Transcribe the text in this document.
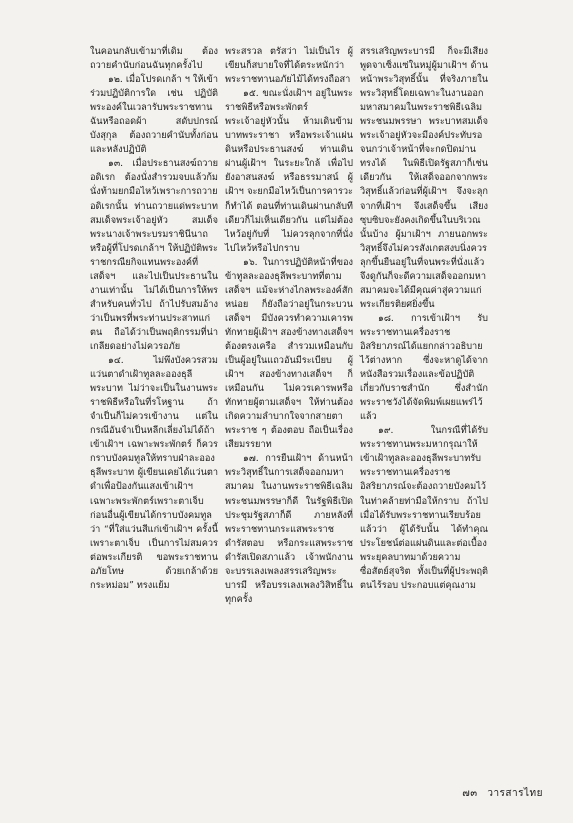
ในคอนกลับเข้ามาที่เดิม ต้องถวายคำนับก่อนฉันทุกครั้งไป

๑๒. เมื่อโปรดเกล้า ฯ ให้เข้าร่วมปฏิบัติการใด เช่น ปฏิบัติพระองค์ในเวลารับพระราชทานฉันหรือถอดผ้า สดับปกรณ์ บังสุกุล ต้องถวายคำนับทั้งก่อนและหลังปฏิบัติ

๑๓. เมื่อประธานสงฆ์ถวายอดิเรก ต้องนั่งสำรวมจบแล้วก้มนั่งท้ามยกมือไหว้เพราะการถวายอดิเรกนั้น ท่านถวายแด่พระบาทสมเด็จพระเจ้าอยู่หัว สมเด็จพระนางเจ้าพระบรมราชินีนาถ หรือผู้ที่โปรดเกล้าฯ ให้ปฏิบัติพระราชกรณียกิจแทนพระองค์ที่เสด็จฯ และไปเป็นประธานในงานเท่านั้น ไม่ได้เป็นการให้พรสำหรับคนทั่วไป ถ้าไปรับสมอ้างว่าเป็นพรที่พระท่านประสาทแก่ตน ถือได้ว่าเป็นพฤติกรรมที่น่าเกลียดอย่างไม่ควรอภัย

๑๔. ไม่พึงบังควรสวมแว่นตาดำเฝ้าทูลละอองธุลีพระบาท ไม่ว่าจะเป็นในงานพระราชพิธีหรือในที่รโหฐาน ถ้าจำเป็นก็ไม่ควรเข้างาน แต่ในกรณีอันจำเป็นหลีกเลี่ยงไม่ได้ถ้าเข้าเฝ้าฯ เฉพาะพระพักตร์ ก็ควรกราบบังคมทูลให้ทราบฝ่าละอองธุลีพระบาท ผู้เขียนเคยได้แว่นตาดำเพื่อป้องกันแสงเข้าเฝ้าฯ เฉพาะพระพักตร์เพราะตาเจ็บ ก่อนอื่นผู้เขียนได้กราบบังคมทูลว่า “ที่ใส่แว่นสีแก่เข้าเฝ้าฯ ครั้งนี้เพราะตาเจ็บ เป็นการไม่สมควรต่อพระเกียรติ ขอพระราชทานอภัยโทษ ด้วยเกล้าด้วยกระหม่อม” ทรงแย้ม

พระสรวล ตรัสว่า ไม่เป็นไร ผู้เขียนก็สบายใจที่ได้ตระหนักว่าพระราชทานอภัยไม้ได้ทรงถือสา

๑๕. ขณะนั่งเฝ้าฯ อยู่ในพระราชพิธีหรือพระพักตร์พระเจ้าอยู่หัวนั้น ห้ามเดินข้ามบาทพระราชา หรือพระเจ้าแผ่นดินหรือประธานสงฆ์ ท่านเดินผ่านผู้เฝ้าฯ ในระยะใกล้ เพื่อไปยังอาสนสงฆ์ หรือธรรมาสน์ ผู้เฝ้าฯ จะยกมือไหว้เป็นการคารวะก็ทำได้ ตอนที่ท่านเดินผ่านกลับทีเดียวก็ไม่เห็นเดียวกัน แต่ไม่ต้องไหว้อยู่กับที่ ไม่ควรลุกจากที่นั่งไปไหว้หรือไปกราบ

๑๖. ในการปฏิบัติหน้าที่ของข้าทูลละอองธุลีพระบาทที่ตามเสด็จฯ แม้จะห่างไกลพระองค์สักหน่อย ก็ยังถือว่าอยู่ในกระบวนเสด็จฯ มีบังควรทำความเคารพทักทายผู้เฝ้าฯ สองข้างทางเสด็จฯ ต้องตรงเครือ สำรวมเหมือนกับเป็นผู้อยู่ในแถวอันมีระเบียบ ผู้เฝ้าฯ สองข้างทางเสด็จฯ ก็เหมือนกัน ไม่ควรเคารพหรือทักทายผู้ตามเสด็จฯ ให้ท่านต้องเกิดความลำบากใจจากสายตาพระราช ๆ ต้องตอบ ถือเป็นเรื่องเสียมรรยาท

๑๗. การยืนเฝ้าฯ ด้านหน้าพระวิสุทธิ์ในการเสด็จออกมหาสมาคม ในงานพระราชพิธีเฉลิมพระชนมพรรษาก็ดี ในรัฐพิธีเปิดประชุมรัฐสภาก็ดี ภายหลังที่พระราชทานกระแสพระราชดำรัสตอบ หรือกระแสพระราชดำรัสเปิดสภาแล้ว เจ้าพนักงานจะบรรเลงเพลงสรรเสริญพระบารมี หรือบรรเลงเพลงวิสิทธิ์ในทุกครั้ง

สรรเสริญพระบารมี ก็จะมีเสียงพูดจาเซ็งแซ่ในหมู่ผู้มาเฝ้าฯ ด้านหน้าพระวิสุทธิ์นั้น ที่จริงภายในพระวิสุทธิ์โดยเฉพาะในงานออกมหาสมาคมในพระราชพิธีเฉลิมพระชนมพรรษา พระบาทสมเด็จพระเจ้าอยู่หัวจะมีองค์ประทับรอจนกว่าเจ้าหน้าที่จะกดปิดม่านทรงได้ ในพิธีเปิดรัฐสภาก็เช่นเดียวกัน ให้เสด็จออกจากพระวิสุทธิ์แล้วก่อนที่ผู้เฝ้าฯ จึงจะลุกจากที่เฝ้าฯ จึงเสด็จขึ้น เสียงซุบซิบจะยังคงเกิดขึ้นในบริเวณนั้นบ้าง ผู้มาเฝ้าฯ ภายนอกพระวิสุทธิ์จึงไม่ควรสังเกตสงบนิ่งควรลุกขึ้นยืนอยู่ในที่จนพระที่นั่งแล้วจึงดูกันก็จะดีความเสด็จออกมหาสมาคมจะได้มีคุณค่าสู่ความแก่พระเกียรติยศยิ่งขึ้น

๑๘. การเข้าเฝ้าฯ รับพระราชทานเครื่องราชอิสริยาภรณ์ได้แยกกล่าวอธิบายไว้ต่างหาก ซึ่งจะหาดูได้จากหนังสือรวมเรื่องและข้อปฏิบัติเกี่ยวกับราชสำนัก ซึ่งสำนักพระราชวังได้จัดพิมพ์เผยแพร่ไว้แล้ว

๑๙. ในกรณีที่ได้รับพระราชทานพระมหากรุณาให้เข้าเฝ้าทูลละอองธุลีพระบาทรับพระราชทานเครื่องราชอิสริยาภรณ์จะต้องถวายบังคมไว้ในท่าคล้ายท่ามือให้กราบ ถ้าไปเมื่อได้รับพระราชทานเรียบร้อยแล้วว่า ผู้ได้รับนั้น ได้ทำคุณประโยชน์ต่อแผ่นดินและต่อเบื้องพระยุคลบาทมาด้วยความซื่อสัตย์สุจริต ทั้งเป็นที่ผู้ประพฤติตนไร้รอบ ประกอบแต่คุณงาม

๗๓ วารสารไทย
